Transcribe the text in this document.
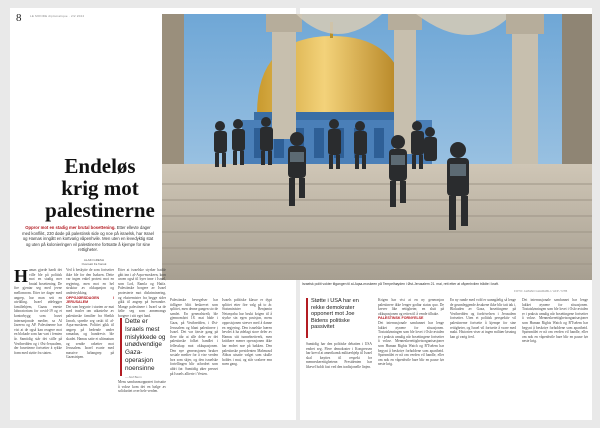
8	LE MONDE diplomatique · 2/2 2024
Israelsk politi vokter tilgangen til al-Aqsa-moskeen på Tempelhøyden i Øst-Jerusalem 21. mai, rett etter at våpenhvilen trådte i kraft.
FOTO: AHMAD GHARABLI / AFP / NTB
Endeløs
krig mot
palestinerne
Oppror mot en stadig mer brutal bosettening. Etter ellevte dager med konflikt, 230 døde på palestinsk side og noe på israelsk, har Israel og Hamas inngått en kortvarig våpenhvile. Men uten en levedyktig stat og uten på kolonieringen vil palestinerne fortsatte å kjempe for sine rettigheter.
ALAIN GRESH
Oversatt fra fransk
Hamas gjorde hardt det ville ble på politisk mot en stadig mer brutal bosettening. De fire gjentar seg med jevne mellomrom. Etter tre dager med angrep, har man sett en utvikling. Israel ødelegger familiehjem, Gazas eneste laboratorium for covid-19 og et kontorbygg som huset internasjonale medier, sa Al Jazeera og AP. Palestinerne har vist at de også kan reagere mot en blokade som har vart i femten år. Samtidig står det stille på Vestbredden og i Øst-Jerusalem, der bosetterne fortsetter å rykke fram med støtte fra staten.
Ved å beskytte de som fortsetter ikke ble for den Isaksen. Dette var ingen enkel protest mot en regjering, men mot en hel struktur av okkupasjon og undertrykking.
OPPGJØRSDAGEN I JERUSALEM
Det som begynte i starten av mai med trusler om utkastelse av palestinske familier fra Sheikh Jarrah, spredte seg raskt til al-Aqsa-moskeen. Politiet gikk til angrep på bedende under ramadan, og hundrevis ble skadet. Hamas satte et ultimatum og sendte raketter mot Jerusalem. Israel svarte med massive luftangrep på Gazastripen.
Etter at israelske styrker hadde gått inn i al-Aqsa-moskeen, kom uroen også til byer inne i Israel, som Lod, Ramla og Haifa. Palestinske borgere av Israel protesterte mot diskriminering, og ekstremister fra begge sider gikk til angrep på hverandre. Mange palestinere i Israel sa de følte seg som annenrangs borgere i sitt eget land.
Dette er Israels mest mislykkede og unødvendige Gaza-operasjon noensinne
— Aluf Benn
Mens samfunnsopprøret fortsatte å vokse kom det en bølge av solidaritet over hele verden.
Palestinske bevegelser har tidligere blitt beskrevet som splittet, men denne gangen sto de samlet. En generalstreik ble gjennomført 18. mai både i Gaza, på Vestbredden, i Øst-Jerusalem og blant palestinere i Israel. Det var første gang på flere tiår at alle deler av det palestinske folket handlet i fellesskap mot okkupasjonen. Den nye generasjonen bruker sosiale medier for å vise verden hva som skjer, og den israelske fortellingen blir utfordret som aldri før. Samtidig øker presset på Israels allierte i Vesten.
Israels politiske klasse er dypt splittet etter fire valg på to år. Statsminister Benjamin Netanyahu har brukt krigen til å styrke sin egen posisjon, mens opposisjonen strever med å danne en regjering. Den israelske hæren hevdet å ha ødelagt store deler av Hamas sitt tunnelnettverk, men kritikere mener operasjonen ikke har endret noe på bakken. Den palestinske presidenten Mahmoud Abbas utsatte valget som skulle holdes i mai, og står svakere enn noen gang.
Støtte i USA har en rekke demokrater opponert mot Joe Bidens politiske passivitet
Samtidig har den politiske debatten i USA endret seg. Flere demokrater i Kongressen har krevd at amerikansk militærhjelp til Israel skal knyttes til respekt for menneskerettighetene. Presidenten har likevel holdt fast ved den tradisjonelle linjen.
Krigen har vist at en ny generasjon palestinere ikke lenger godtar status quo. De krever like rettigheter, en slutt på okkupasjonen og retten til å vende tilbake.
PALESTINSK FORNYELSE
Det internasjonale samfunnet har lenge lukket øynene for situasjonen. Tostatsløsningen som ble lovet i Oslo-avtalen er i praksis umulig når bosettingene fortsetter å vokse. Menneskerettighetsorganisasjoner som Human Rights Watch og B'Tselem har begynt å beskrive forholdene som apartheid. Spørsmålet er nå om verden vil handle, eller om nok en våpenhvile bare blir en pause før neste krig.
En ny runde med vold er uunngåelig så lenge de grunnleggende årsakene ikke blir tatt tak i. Blokaden av Gaza, bosettingene på Vestbredden og fordrivelsen i Jerusalem fortsetter. Uten et politisk perspektiv vil palestinerne fortsette å kjempe for sine rettigheter, og Israel vil fortsette å svare med makt. Historien viser at ingen militær løsning kan gi varig fred.
Det internasjonale samfunnet har lenge lukket øynene for situasjonen. Tostatsløsningen som ble lovet i Oslo-avtalen er i praksis umulig når bosettingene fortsetter å vokse. Menneskerettighetsorganisasjoner som Human Rights Watch og B'Tselem har begynt å beskrive forholdene som apartheid. Spørsmålet er nå om verden vil handle, eller om nok en våpenhvile bare blir en pause før neste krig.
